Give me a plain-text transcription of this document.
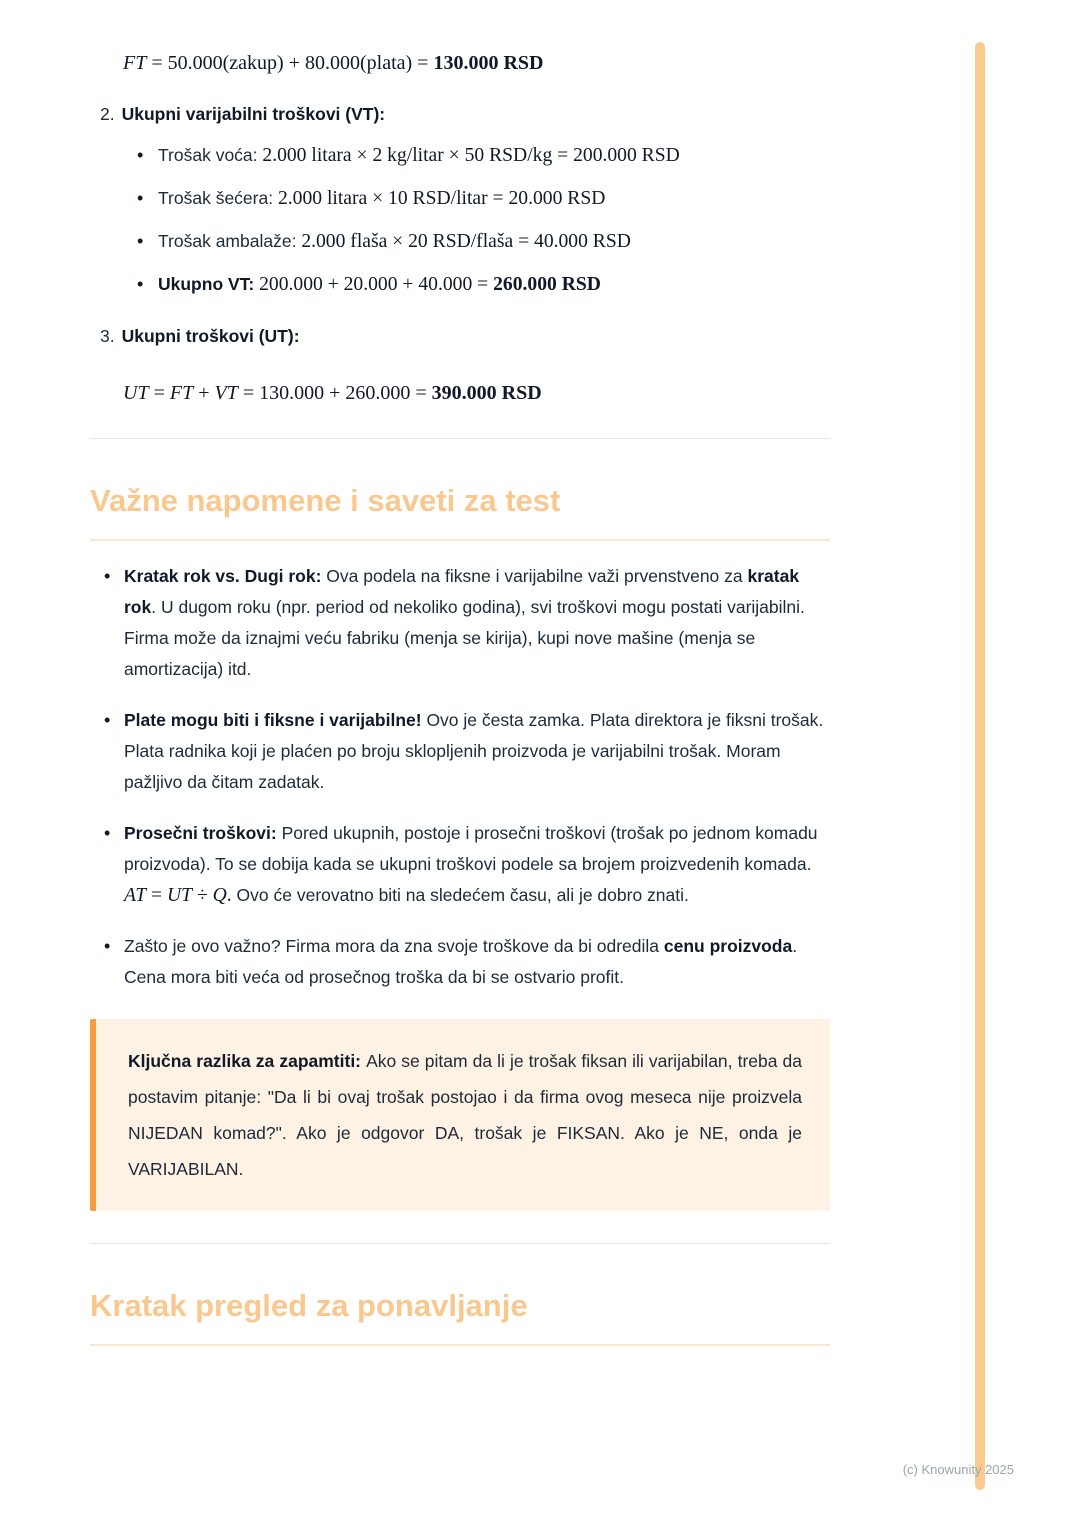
FT = 50.000(zakup) + 80.000(plata) = 130.000 RSD
2. Ukupni varijabilni troškovi (VT):
• Trošak voća: 2.000 litara × 2 kg/litar × 50 RSD/kg = 200.000 RSD
• Trošak šećera: 2.000 litara × 10 RSD/litar = 20.000 RSD
• Trošak ambalaže: 2.000 flaša × 20 RSD/flaša = 40.000 RSD
• Ukupno VT: 200.000 + 20.000 + 40.000 = 260.000 RSD
3. Ukupni troškovi (UT):
UT = FT + VT = 130.000 + 260.000 = 390.000 RSD
Važne napomene i saveti za test
• Kratak rok vs. Dugi rok: Ova podela na fiksne i varijabilne važi prvenstveno za kratak rok. U dugom roku (npr. period od nekoliko godina), svi troškovi mogu postati varijabilni. Firma može da iznajmi veću fabriku (menja se kirija), kupi nove mašine (menja se amortizacija) itd.
• Plate mogu biti i fiksne i varijabilne! Ovo je česta zamka. Plata direktora je fiksni trošak. Plata radnika koji je plaćen po broju sklopljenih proizvoda je varijabilni trošak. Moram pažljivo da čitam zadatak.
• Prosečni troškovi: Pored ukupnih, postoje i prosečni troškovi (trošak po jednom komadu proizvoda). To se dobija kada se ukupni troškovi podele sa brojem proizvedenih komada. AT = UT ÷ Q. Ovo će verovatno biti na sledećem času, ali je dobro znati.
• Zašto je ovo važno? Firma mora da zna svoje troškove da bi odredila cenu proizvoda. Cena mora biti veća od prosečnog troška da bi se ostvario profit.

Ključna razlika za zapamtiti: Ako se pitam da li je trošak fiksan ili varijabilan, treba da postavim pitanje: "Da li bi ovaj trošak postojao i da firma ovog meseca nije proizvela NIJEDAN komad?". Ako je odgovor DA, trošak je FIKSAN. Ako je NE, onda je VARIJABILAN.

Kratak pregled za ponavljanje
(c) Knowunity 2025
